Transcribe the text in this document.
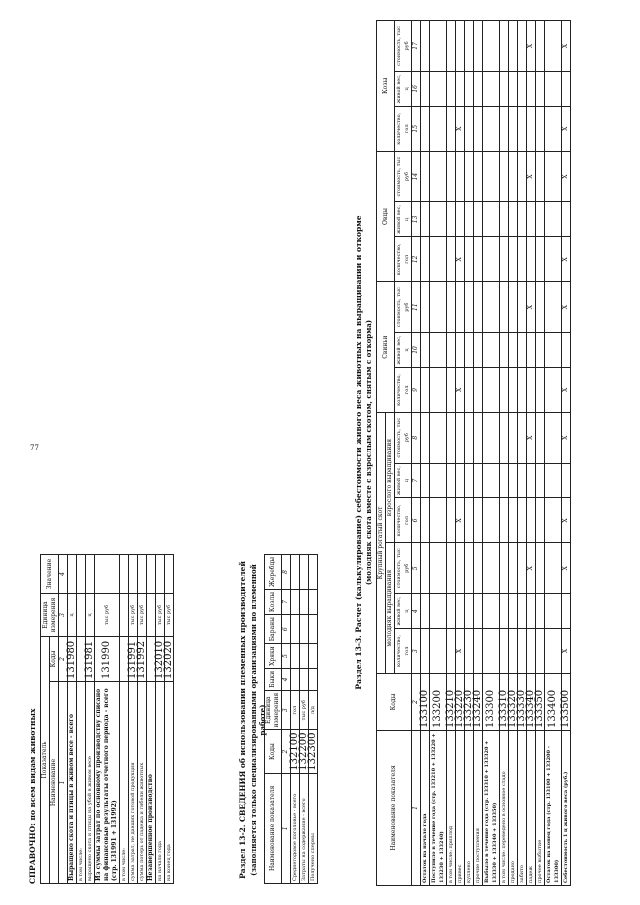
77
СПРАВОЧНО: по всем видам животных Показатель		Единица измерения	Значение
Наименование	Коды		
1	2	3	4
Выращено скота и птицы в живом весе - всего	131980	ц	
в том числе:			
выращено скота и птицы на убой в живом весе	131981	ц	
Из суммы затрат по основному производству списано на финансовые результаты отчетного периода - всего (стр. 131991 + 131992)	131990	тыс руб	
в том числе:			
сумма затрат, не давших готовой продукции	131991	тыс руб	
сумма потерь от падежа и гибели животных	131992	тыс руб	
Незавершенное производство			
на начало года	132010	тыс руб	
на конец года	132020	тыс руб		Раздел 13-2. СВЕДЕНИЯ об использовании племенных производителей (заполняется только специализированными организациями по племенной работе)
Наименование показателя	Коды	Единица измерения	Быки	Хряки	Бараны	Козлы	Жеребцы
1	2	3	4	5	6	7	8
Среднегодовое поголовье - всего	132100	гол					
Затраты на содержание - всего	132200	тыс руб					
Получено спермы	132300	л/д					
Раздел 13-3. Расчет (калькулирование) себестоимости живого веса животных на выращивании и откорме (молодняк скота вместе с взрослым скотом, снятым с откорма)
Наименование показателя	Коды	Крупный рогатый скот						Свиньи			Овцы			Козы		
		молодняк выращивания			взрослого выращивания											
		количество, гол	живой вес, ц	стоимость, тыс руб	количество, гол	живой вес, ц	стоимость, тыс руб	количество, гол	живой вес, ц	стоимость, тыс руб	количество, гол	живой вес, ц	стоимость, тыс руб	количество, гол	живой вес, ц	стоимость, тыс руб
1	2	3	4	5	6	7	8	9	10	11	12	13	14	15	16	17
Остаток на начало года	133100															
Поступило в течение года (стр. 133210 + 133220 + 133230 + 133240)	133200															
в том числе: приплод	133210															
привес	133220	X			X			X			X			X		
куплено	133230															
прочие поступления	133240															
Выбыло в течение года (стр. 133310 + 133320 + 133330 + 133340 + 133350)	133300															
в том числе: переведено в основное стадо	133310															
продано	133320															
забито	133330															
падеж	133340			X			X			X			X			X
прочее выбытие	133350															
Остаток на конец года (стр. 133100 + 133200 - 133300)	133400															
Себестоимость 1 ц живого веса (руб.)	133500	X		X	X		X	X		X	X		X	X		X
